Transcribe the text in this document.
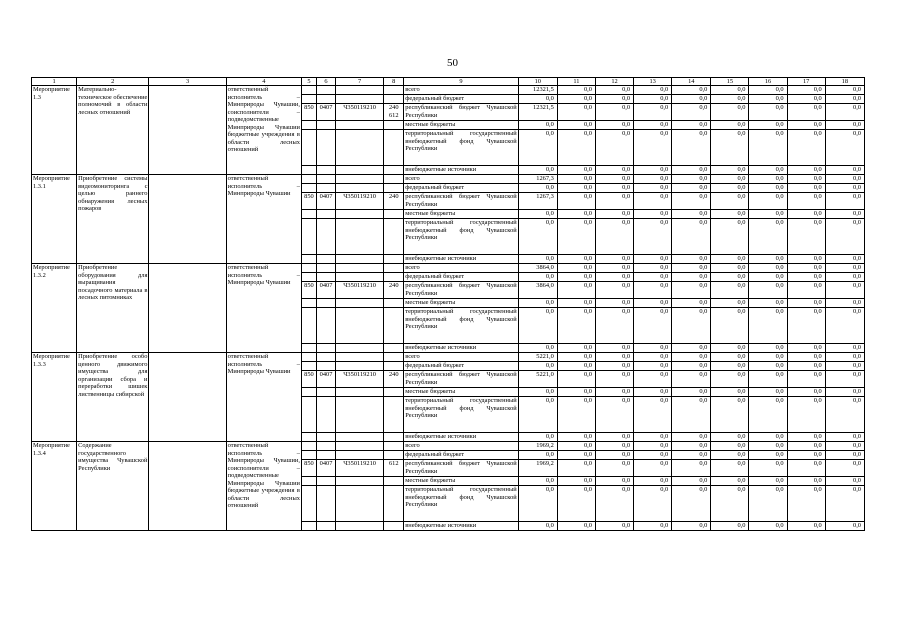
50
1	2	3	4	5	6	7	8	9	10	11	12	13	14	15	16	17	18
Мероприятие 1.3	Материально-техническое обеспечение полномочий в области лесных отношений		ответственный исполнитель – Минприроды Чувашии, соисполнители – подведомственные Минприроды Чувашии бюджетные учреждения в области лесных отношений					всего	12321,5	0,0	0,0	0,0	0,0	0,0	0,0	0,0	0,0
								федеральный бюджет	0,0	0,0	0,0	0,0	0,0	0,0	0,0	0,0	0,0
				850	0407	Ч350119210	240 612	республиканский бюджет Чувашской Республики	12321,5	0,0	0,0	0,0	0,0	0,0	0,0	0,0	0,0
								местные бюджеты	0,0	0,0	0,0	0,0	0,0	0,0	0,0	0,0	0,0
								территориальный государственный внебюджетный фонд Чувашской Республики	0,0	0,0	0,0	0,0	0,0	0,0	0,0	0,0	0,0
								внебюджетные источники	0,0	0,0	0,0	0,0	0,0	0,0	0,0	0,0	0,0
Мероприятие 1.3.1	Приобретение системы видеомониторинга с целью раннего обнаружения лесных пожаров		ответственный исполнитель – Минприроды Чувашии					всего	1267,3	0,0	0,0	0,0	0,0	0,0	0,0	0,0	0,0
								федеральный бюджет	0,0	0,0	0,0	0,0	0,0	0,0	0,0	0,0	0,0
				850	0407	Ч350119210	240	республиканский бюджет Чувашской Республики	1267,3	0,0	0,0	0,0	0,0	0,0	0,0	0,0	0,0
								местные бюджеты	0,0	0,0	0,0	0,0	0,0	0,0	0,0	0,0	0,0
								территориальный государственный внебюджетный фонд Чувашской Республики	0,0	0,0	0,0	0,0	0,0	0,0	0,0	0,0	0,0
								внебюджетные источники	0,0	0,0	0,0	0,0	0,0	0,0	0,0	0,0	0,0
Мероприятие 1.3.2	Приобретение оборудования для выращивания посадочного материала в лесных питомниках		ответственный исполнитель – Минприроды Чувашии					всего	3864,0	0,0	0,0	0,0	0,0	0,0	0,0	0,0	0,0
								федеральный бюджет	0,0	0,0	0,0	0,0	0,0	0,0	0,0	0,0	0,0
				850	0407	Ч350119210	240	республиканский бюджет Чувашской Республики	3864,0	0,0	0,0	0,0	0,0	0,0	0,0	0,0	0,0
								местные бюджеты	0,0	0,0	0,0	0,0	0,0	0,0	0,0	0,0	0,0
								территориальный государственный внебюджетный фонд Чувашской Республики	0,0	0,0	0,0	0,0	0,0	0,0	0,0	0,0	0,0
								внебюджетные источники	0,0	0,0	0,0	0,0	0,0	0,0	0,0	0,0	0,0
Мероприятие 1.3.3	Приобретение особо ценного движимого имущества для организации сбора и переработки шишек лиственницы сибирской		ответственный исполнитель – Минприроды Чувашии					всего	5221,0	0,0	0,0	0,0	0,0	0,0	0,0	0,0	0,0
								федеральный бюджет	0,0	0,0	0,0	0,0	0,0	0,0	0,0	0,0	0,0
				850	0407	Ч350119210	240	республиканский бюджет Чувашской Республики	5221,0	0,0	0,0	0,0	0,0	0,0	0,0	0,0	0,0
								местные бюджеты	0,0	0,0	0,0	0,0	0,0	0,0	0,0	0,0	0,0
								территориальный государственный внебюджетный фонд Чувашской Республики	0,0	0,0	0,0	0,0	0,0	0,0	0,0	0,0	0,0
								внебюджетные источники	0,0	0,0	0,0	0,0	0,0	0,0	0,0	0,0	0,0
Мероприятие 1.3.4	Содержание государственного имущества Чувашской Республики		ответственный исполнитель – Минприроды Чувашии, соисполнители – подведомственные Минприроды Чувашии бюджетные учреждения в области лесных отношений					всего	1969,2	0,0	0,0	0,0	0,0	0,0	0,0	0,0	0,0
								федеральный бюджет	0,0	0,0	0,0	0,0	0,0	0,0	0,0	0,0	0,0
				850	0407	Ч350119210	612	республиканский бюджет Чувашской Республики	1969,2	0,0	0,0	0,0	0,0	0,0	0,0	0,0	0,0
								местные бюджеты	0,0	0,0	0,0	0,0	0,0	0,0	0,0	0,0	0,0
								территориальный государственный внебюджетный фонд Чувашской Республики	0,0	0,0	0,0	0,0	0,0	0,0	0,0	0,0	0,0
								внебюджетные источники	0,0	0,0	0,0	0,0	0,0	0,0	0,0	0,0	0,0
